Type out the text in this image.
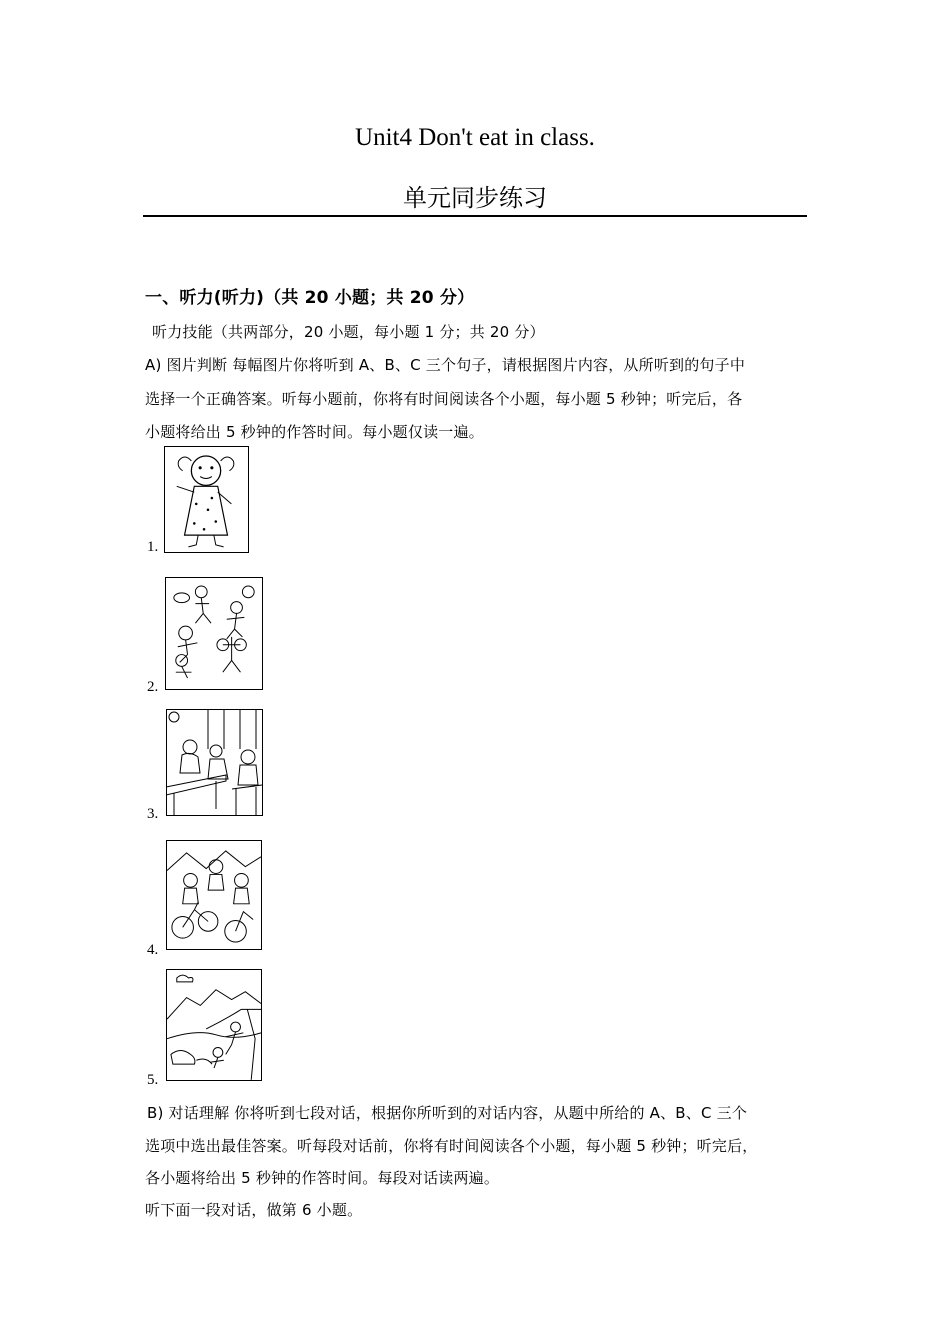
Unit4 Don't eat in class.
单元同步练习
一、听力(听力)（共 20 小题；共 20 分）
听力技能（共两部分，20 小题，每小题 1 分；共 20 分）
A) 图片判断 每幅图片你将听到 A、B、C 三个句子，请根据图片内容，从所听到的句子中
选择一个正确答案。听每小题前，你将有时间阅读各个小题，每小题 5 秒钟；听完后，各
小题将给出 5 秒钟的作答时间。每小题仅读一遍。
1.
2.
3.
4.
5.
B) 对话理解 你将听到七段对话，根据你所听到的对话内容，从题中所给的 A、B、C 三个
选项中选出最佳答案。听每段对话前，你将有时间阅读各个小题，每小题 5 秒钟；听完后，
各小题将给出 5 秒钟的作答时间。每段对话读两遍。
听下面一段对话，做第 6 小题。
